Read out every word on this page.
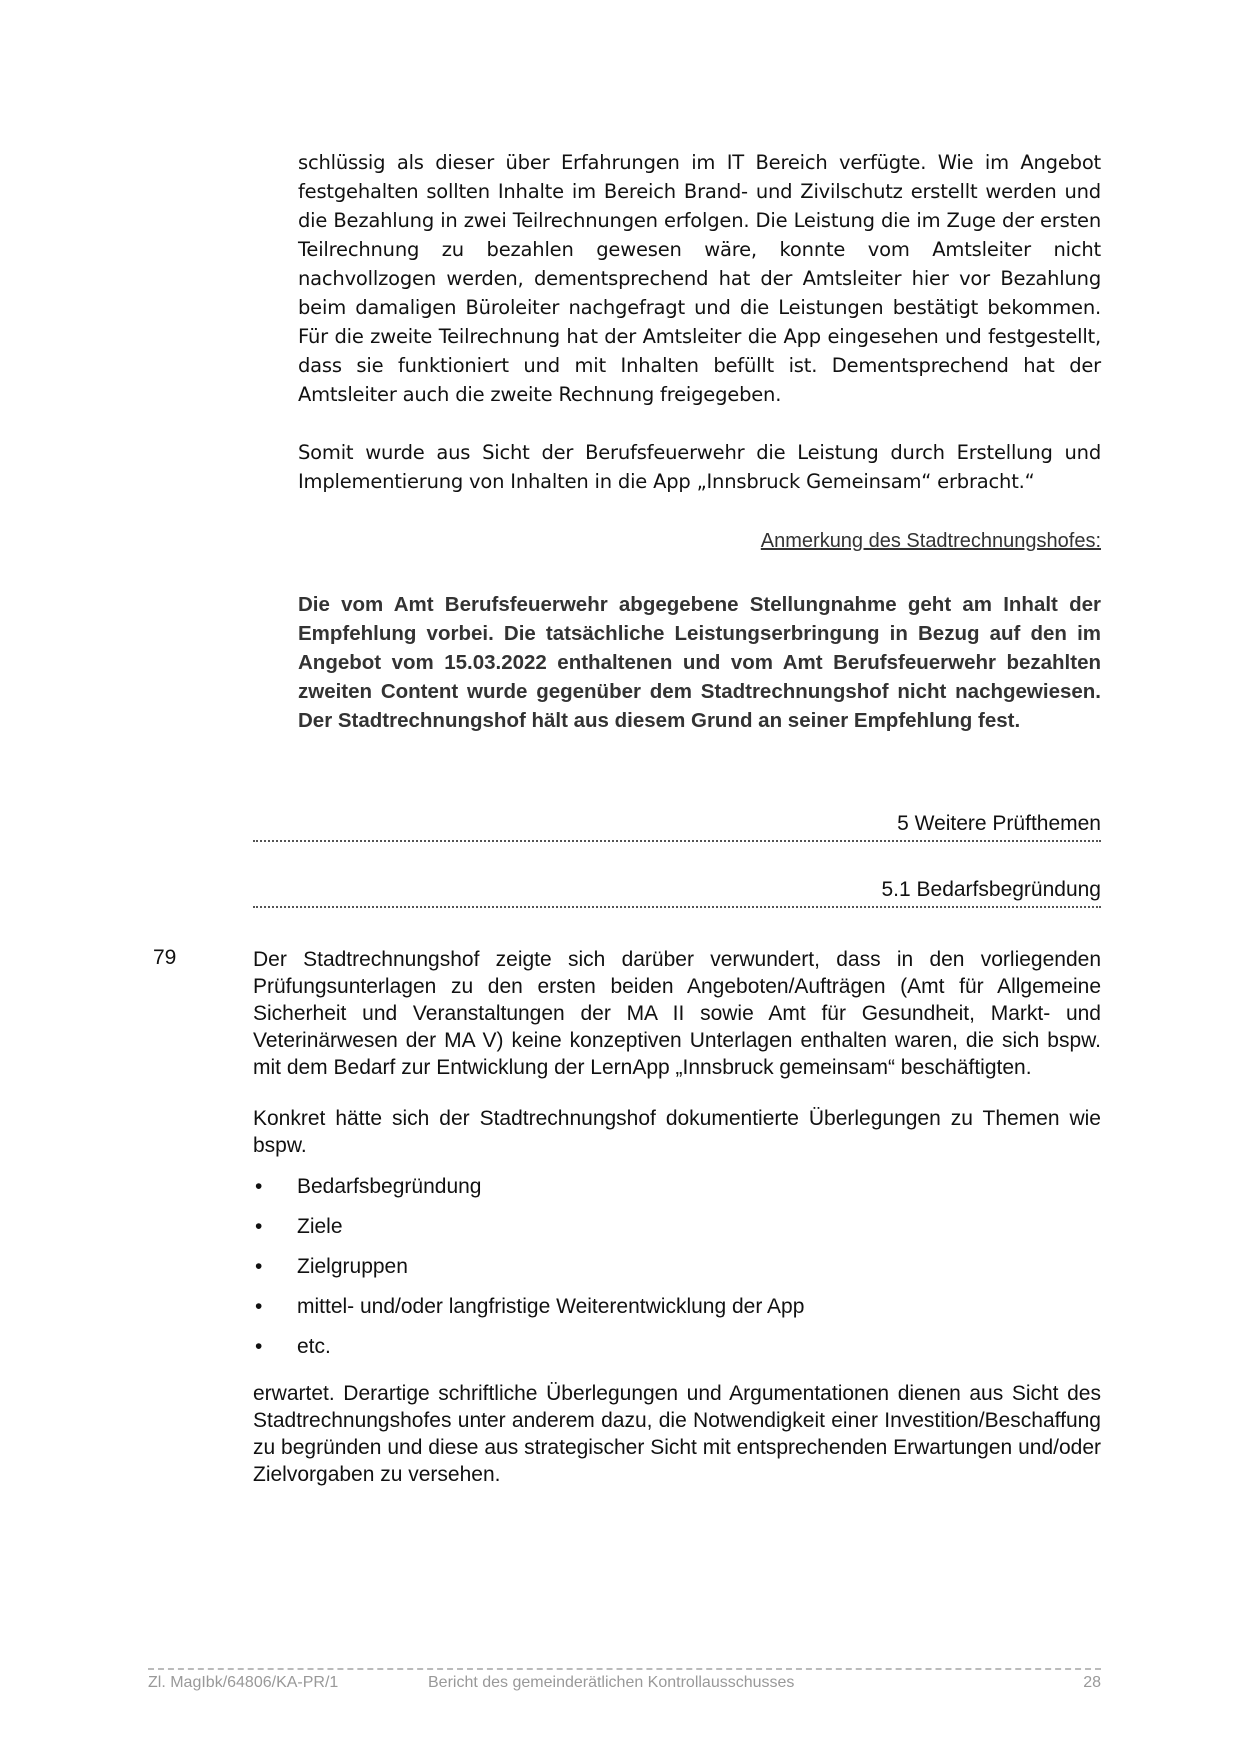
schlüssig als dieser über Erfahrungen im IT Bereich verfügte. Wie im Angebot festgehalten sollten Inhalte im Bereich Brand- und Zivilschutz erstellt werden und die Bezahlung in zwei Teilrechnungen erfolgen. Die Leistung die im Zuge der ersten Teilrechnung zu bezahlen gewesen wäre, konnte vom Amtsleiter nicht nachvollzogen werden, dementsprechend hat der Amtsleiter hier vor Bezahlung beim damaligen Büroleiter nachgefragt und die Leistungen bestätigt bekommen. Für die zweite Teilrechnung hat der Amtsleiter die App eingesehen und festgestellt, dass sie funktioniert und mit Inhalten befüllt ist. Dementsprechend hat der Amtsleiter auch die zweite Rechnung freigegeben.

Somit wurde aus Sicht der Berufsfeuerwehr die Leistung durch Erstellung und Implementierung von Inhalten in die App „Innsbruck Gemeinsam“ erbracht.“

Anmerkung des Stadtrechnungshofes:
Die vom Amt Berufsfeuerwehr abgegebene Stellungnahme geht am Inhalt der Empfehlung vorbei. Die tatsächliche Leistungserbringung in Bezug auf den im Angebot vom 15.03.2022 enthaltenen und vom Amt Berufsfeuerwehr bezahlten zweiten Content wurde gegenüber dem Stadtrechnungshof nicht nachgewiesen. Der Stadtrechnungshof hält aus diesem Grund an seiner Empfehlung fest.
5 Weitere Prüfthemen
5.1 Bedarfsbegründung
79	Der Stadtrechnungshof zeigte sich darüber verwundert, dass in den vorliegenden Prüfungsunterlagen zu den ersten beiden Angeboten/Aufträgen (Amt für Allgemeine Sicherheit und Veranstaltungen der MA II sowie Amt für Gesundheit, Markt- und Veterinärwesen der MA V) keine konzeptiven Unterlagen enthalten waren, die sich bspw. mit dem Bedarf zur Entwicklung der LernApp „Innsbruck gemeinsam“ beschäftigten.

Konkret hätte sich der Stadtrechnungshof dokumentierte Überlegungen zu Themen wie bspw.

• Bedarfsbegründung
• Ziele
• Zielgruppen
• mittel- und/oder langfristige Weiterentwicklung der App
• etc.

erwartet. Derartige schriftliche Überlegungen und Argumentationen dienen aus Sicht des Stadtrechnungshofes unter anderem dazu, die Notwendigkeit einer Investition/Beschaffung zu begründen und diese aus strategischer Sicht mit entsprechenden Erwartungen und/oder Zielvorgaben zu versehen.

Zl. MagIbk/64806/KA-PR/1	Bericht des gemeinderätlichen Kontrollausschusses	28
